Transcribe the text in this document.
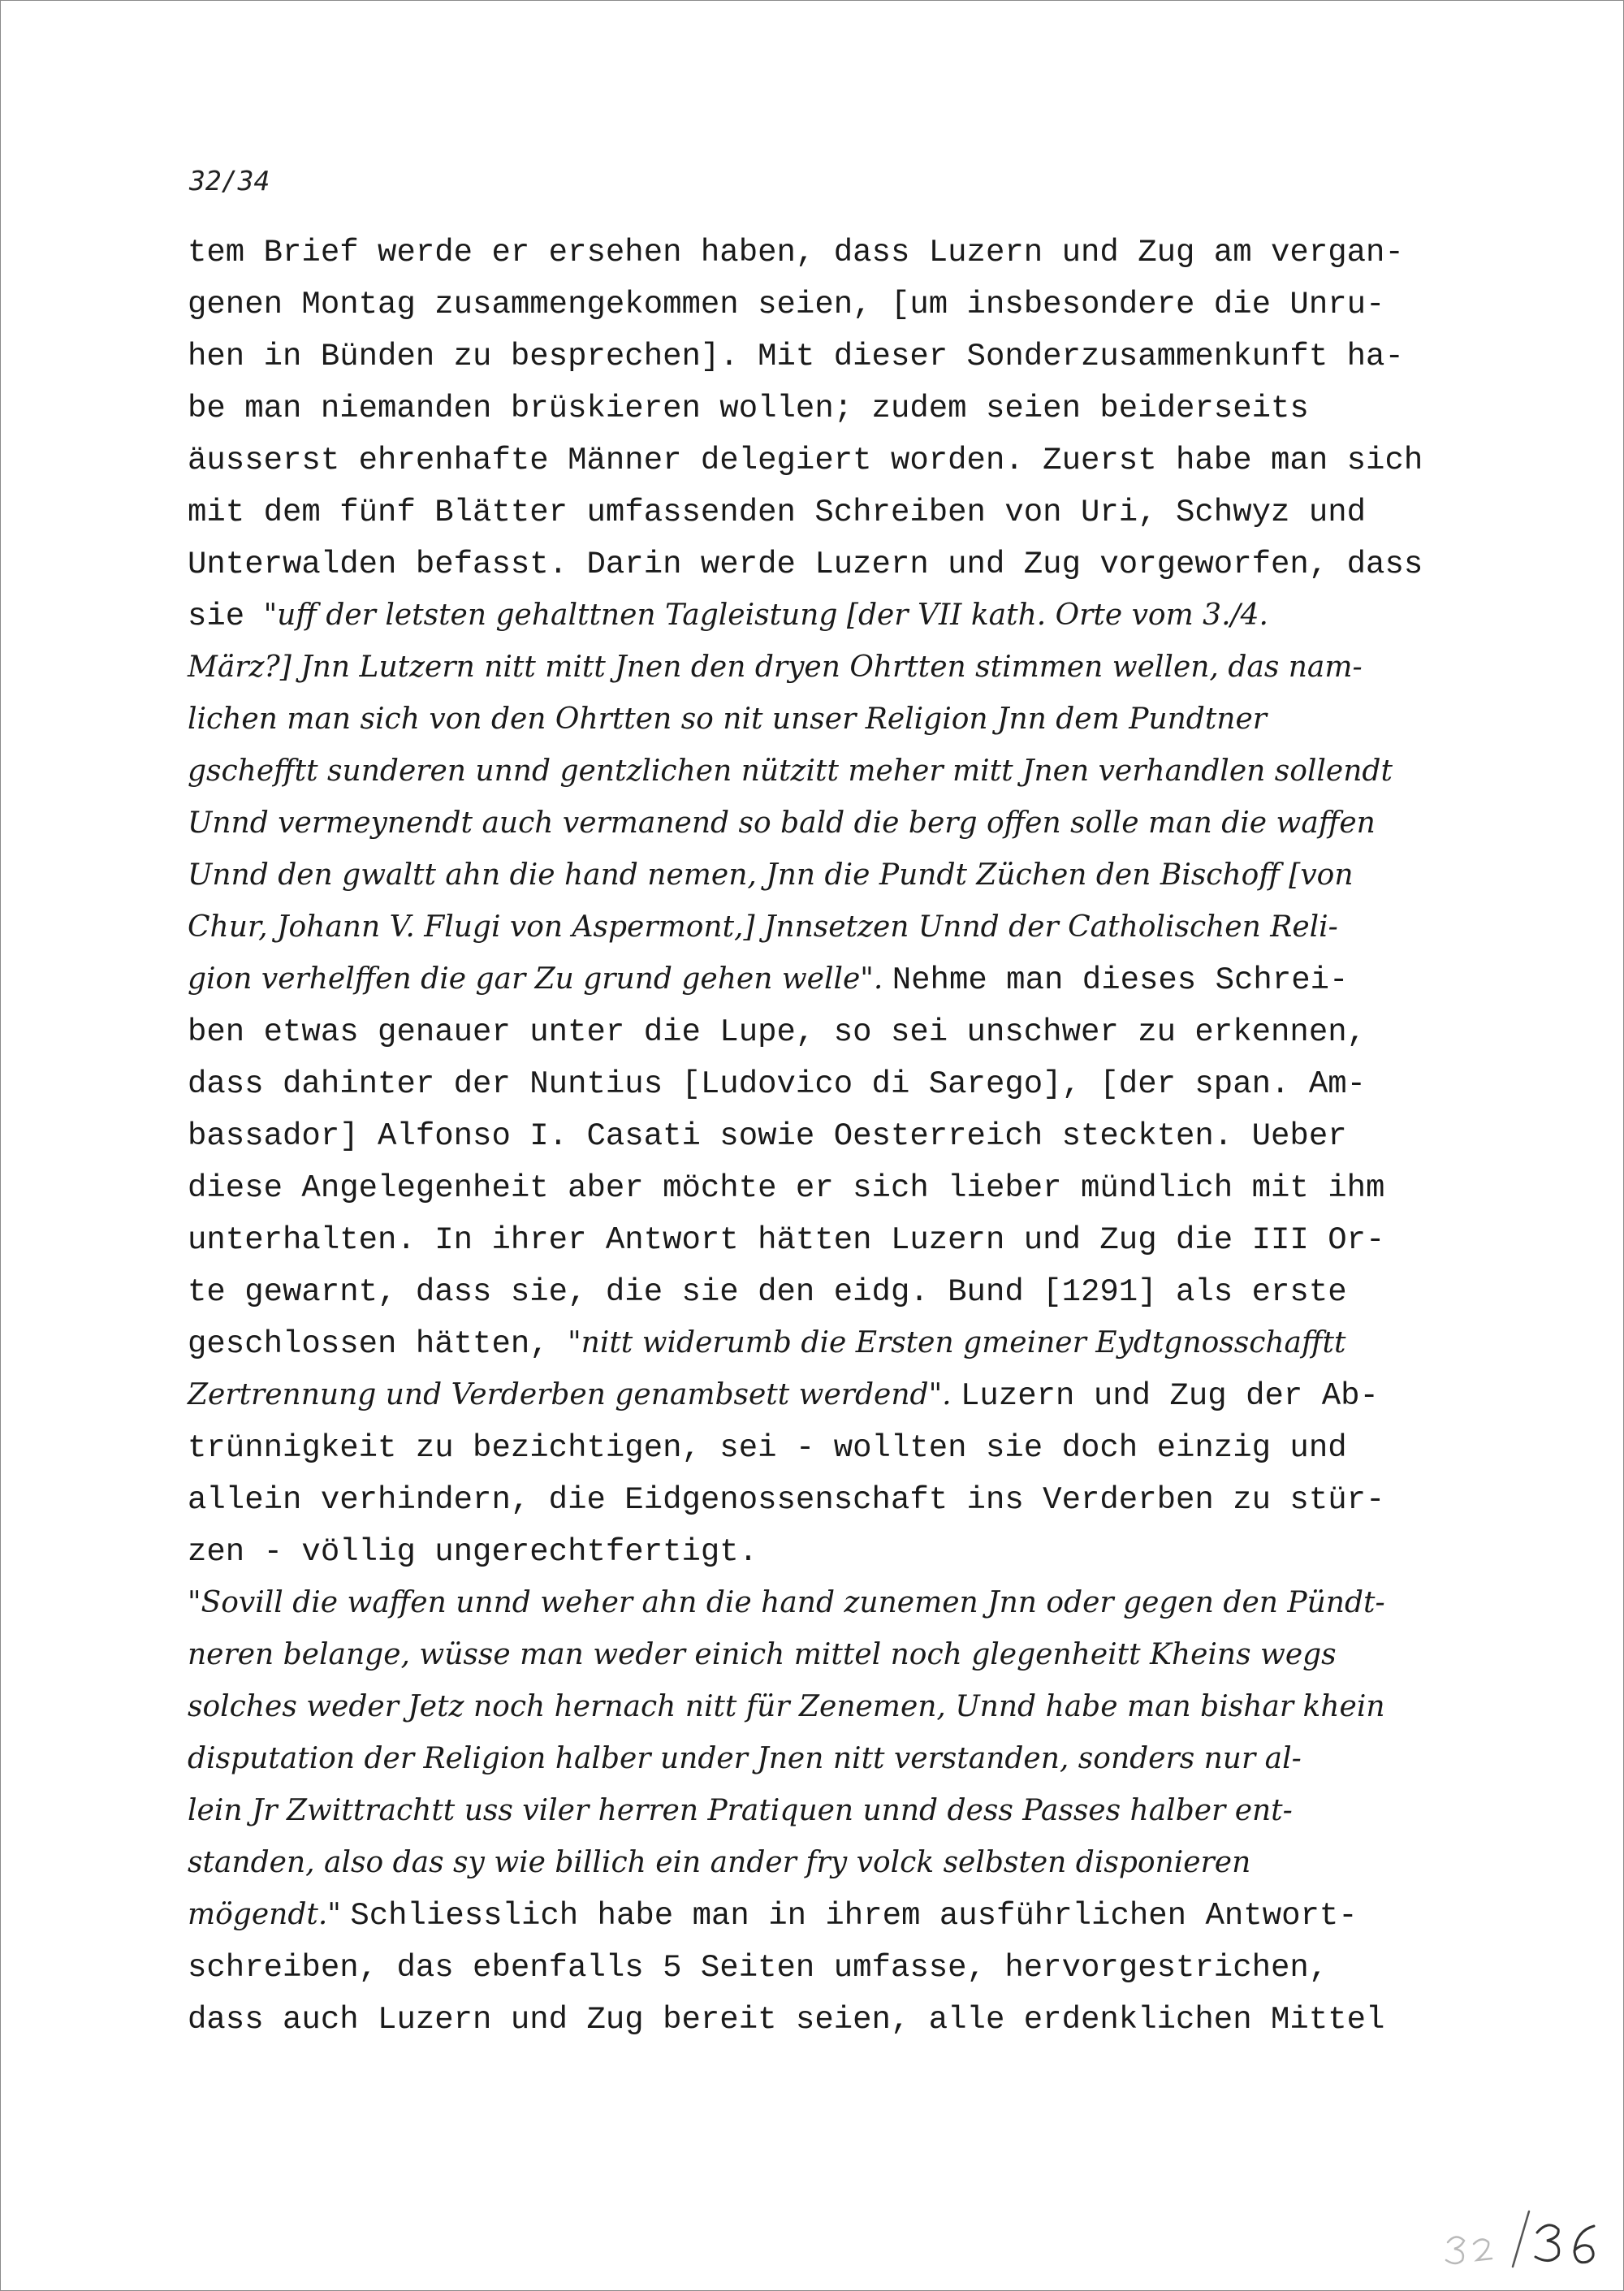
32/34
tem Brief werde er ersehen haben, dass Luzern und Zug am vergan-
genen Montag zusammengekommen seien, [um insbesondere die Unru-
hen in Bünden zu besprechen]. Mit dieser Sonderzusammenkunft ha-
be man niemanden brüskieren wollen; zudem seien beiderseits
äusserst ehrenhafte Männer delegiert worden. Zuerst habe man sich
mit dem fünf Blätter umfassenden Schreiben von Uri, Schwyz und
Unterwalden befasst. Darin werde Luzern und Zug vorgeworfen, dass
sie "uff der letsten gehalttnen Tagleistung [der VII kath. Orte vom 3./4.
März?] Jnn Lutzern nitt mitt Jnen den dryen Ohrtten stimmen wellen, das nam-
lichen man sich von den Ohrtten so nit unser Religion Jnn dem Pundtner
gschefftt sunderen unnd gentzlichen nützitt meher mitt Jnen verhandlen sollendt
Unnd vermeynendt auch vermanend so bald die berg offen solle man die waffen
Unnd den gwaltt ahn die hand nemen, Jnn die Pundt Züchen den Bischoff [von
Chur, Johann V. Flugi von Aspermont,] Jnnsetzen Unnd der Catholischen Reli-
gion verhelffen die gar Zu grund gehen welle". Nehme man dieses Schrei-
ben etwas genauer unter die Lupe, so sei unschwer zu erkennen,
dass dahinter der Nuntius [Ludovico di Sarego], [der span. Am-
bassador] Alfonso I. Casati sowie Oesterreich steckten. Ueber
diese Angelegenheit aber möchte er sich lieber mündlich mit ihm
unterhalten. In ihrer Antwort hätten Luzern und Zug die III Or-
te gewarnt, dass sie, die sie den eidg. Bund [1291] als erste
geschlossen hätten, "nitt widerumb die Ersten gmeiner Eydtgnosschafftt
Zertrennung und Verderben genambsett werdend". Luzern und Zug der Ab-
trünnigkeit zu bezichtigen, sei - wollten sie doch einzig und
allein verhindern, die Eidgenossenschaft ins Verderben zu stür-
zen - völlig ungerechtfertigt.
"Sovill die waffen unnd weher ahn die hand zunemen Jnn oder gegen den Pündt-
neren belange, wüsse man weder einich mittel noch glegenheitt Kheins wegs
solches weder Jetz noch hernach nitt für Zenemen, Unnd habe man bishar khein
disputation der Religion halber under Jnen nitt verstanden, sonders nur al-
lein Jr Zwittrachtt uss viler herren Pratiquen unnd dess Passes halber ent-
standen, also das sy wie billich ein ander fry volck selbsten disponieren
mögendt." Schliesslich habe man in ihrem ausführlichen Antwort-
schreiben, das ebenfalls 5 Seiten umfasse, hervorgestrichen,
dass auch Luzern und Zug bereit seien, alle erdenklichen Mittel
